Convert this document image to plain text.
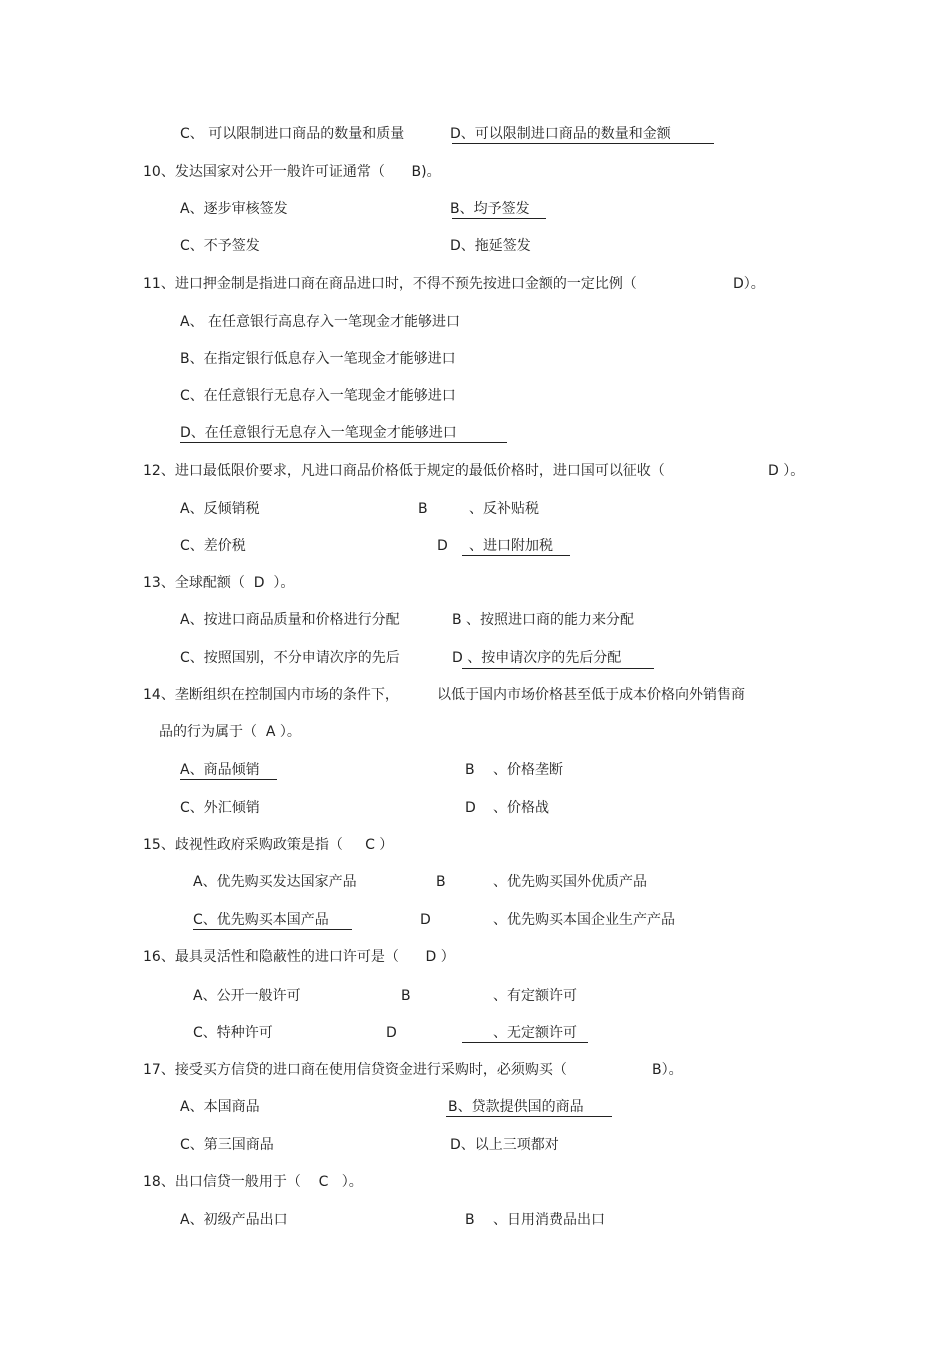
C、 可以限制进口商品的数量和质量	D、可以限制进口商品的数量和金额
10、发达国家对公开一般许可证通常（      B)。
A、逐步审核签发	B、均予签发
C、不予签发	D、拖延签发
11、进口押金制是指进口商在商品进口时，不得不预先按进口金额的一定比例（	D）。
A、 在任意银行高息存入一笔现金才能够进口
B、在指定银行低息存入一笔现金才能够进口
C、在任意银行无息存入一笔现金才能够进口
D、在任意银行无息存入一笔现金才能够进口
12、进口最低限价要求，凡进口商品价格低于规定的最低价格时，进口国可以征收（	D ）。
A、反倾销税	B	、反补贴税
C、差价税	D 、进口附加税
13、全球配额（  D  ）。
A、按进口商品质量和价格进行分配	B 、按照进口商的能力来分配
C、按照国别，不分申请次序的先后	D 、按申请次序的先后分配
14、垄断组织在控制国内市场的条件下，	以低于国内市场价格甚至低于成本价格向外销售商
品的行为属于（  A ）。
A、商品倾销	B 、价格垄断
C、外汇倾销	D 、价格战
15、歧视性政府采购政策是指（     C ）
A、优先购买发达国家产品	B	、优先购买国外优质产品
C、优先购买本国产品	D	、优先购买本国企业生产产品
16、最具灵活性和隐蔽性的进口许可是（      D ）
A、公开一般许可	B	、有定额许可
C、特种许可	D	、无定额许可
17、接受买方信贷的进口商在使用信贷资金进行采购时，必须购买（	B）。
A、本国商品	B、贷款提供国的商品
C、第三国商品	D、以上三项都对
18、出口信贷一般用于（    C   ）。
A、初级产品出口	B 、日用消费品出口
